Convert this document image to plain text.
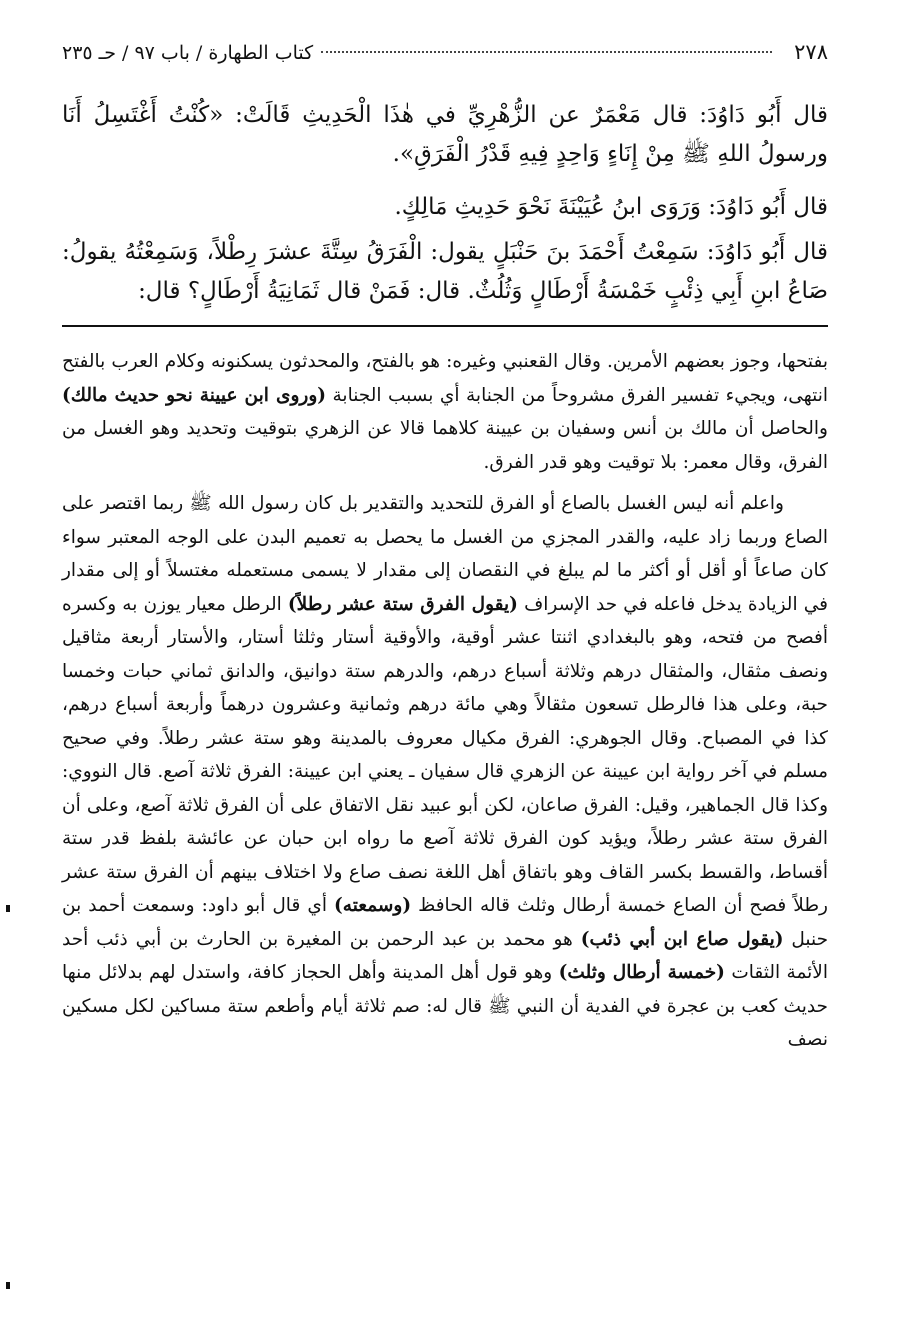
٢٧٨
كتاب الطهارة / باب ٩٧ / حـ ٢٣٥

قال أَبُو دَاوُدَ: قال مَعْمَرٌ عن الزُّهْرِيِّ في هٰذَا الْحَدِيثِ قَالَتْ: «كُنْتُ أَغْتَسِلُ أَنَا ورسولُ اللهِ ﷺ مِنْ إِنَاءٍ وَاحِدٍ فِيهِ قَدْرُ الْفَرَقِ».

قال أَبُو دَاوُدَ: وَرَوَى ابنُ عُيَيْنَةَ نَحْوَ حَدِيثِ مَالِكٍ.

قال أَبُو دَاوُدَ: سَمِعْتُ أَحْمَدَ بنَ حَنْبَلٍ يقول: الْفَرَقُ سِتَّةَ عشرَ رِطْلاً، وَسَمِعْتُهُ يقولُ: صَاعُ ابنِ أَبِي ذِئْبٍ خَمْسَةُ أَرْطَالٍ وَثُلُثٌ. قال: فَمَنْ قال ثَمَانِيَةُ أَرْطَالٍ؟ قال:

بفتحها، وجوز بعضهم الأمرين. وقال القعنبي وغيره: هو بالفتح، والمحدثون يسكنونه وكلام العرب بالفتح انتهى، ويجيء تفسير الفرق مشروحاً من الجنابة أي بسبب الجنابة (وروى ابن عيينة نحو حديث مالك) والحاصل أن مالك بن أنس وسفيان بن عيينة كلاهما قالا عن الزهري بتوقيت وتحديد وهو الغسل من الفرق، وقال معمر: بلا توقيت وهو قدر الفرق.

واعلم أنه ليس الغسل بالصاع أو الفرق للتحديد والتقدير بل كان رسول الله ﷺ ربما اقتصر على الصاع وربما زاد عليه، والقدر المجزي من الغسل ما يحصل به تعميم البدن على الوجه المعتبر سواء كان صاعاً أو أقل أو أكثر ما لم يبلغ في النقصان إلى مقدار لا يسمى مستعمله مغتسلاً أو إلى مقدار في الزيادة يدخل فاعله في حد الإسراف (يقول الفرق ستة عشر رطلاً) الرطل معيار يوزن به وكسره أفصح من فتحه، وهو بالبغدادي اثنتا عشر أوقية، والأوقية أستار وثلثا أستار، والأستار أربعة مثاقيل ونصف مثقال، والمثقال درهم وثلاثة أسباع درهم، والدرهم ستة دوانيق، والدانق ثماني حبات وخمسا حبة، وعلى هذا فالرطل تسعون مثقالاً وهي مائة درهم وثمانية وعشرون درهماً وأربعة أسباع درهم، كذا في المصباح. وقال الجوهري: الفرق مكيال معروف بالمدينة وهو ستة عشر رطلاً. وفي صحيح مسلم في آخر رواية ابن عيينة عن الزهري قال سفيان ـ يعني ابن عيينة: الفرق ثلاثة آصع. قال النووي: وكذا قال الجماهير، وقيل: الفرق صاعان، لكن أبو عبيد نقل الاتفاق على أن الفرق ثلاثة آصع، وعلى أن الفرق ستة عشر رطلاً، ويؤيد كون الفرق ثلاثة آصع ما رواه ابن حبان عن عائشة بلفظ قدر ستة أقساط، والقسط بكسر القاف وهو باتفاق أهل اللغة نصف صاع ولا اختلاف بينهم أن الفرق ستة عشر رطلاً فصح أن الصاع خمسة أرطال وثلث قاله الحافظ (وسمعته) أي قال أبو داود: وسمعت أحمد بن حنبل (يقول صاع ابن أبي ذئب) هو محمد بن عبد الرحمن بن المغيرة بن الحارث بن أبي ذئب أحد الأئمة الثقات (خمسة أرطال وثلث) وهو قول أهل المدينة وأهل الحجاز كافة، واستدل لهم بدلائل منها حديث كعب بن عجرة في الفدية أن النبي ﷺ قال له: صم ثلاثة أيام وأطعم ستة مساكين لكل مسكين نصف
